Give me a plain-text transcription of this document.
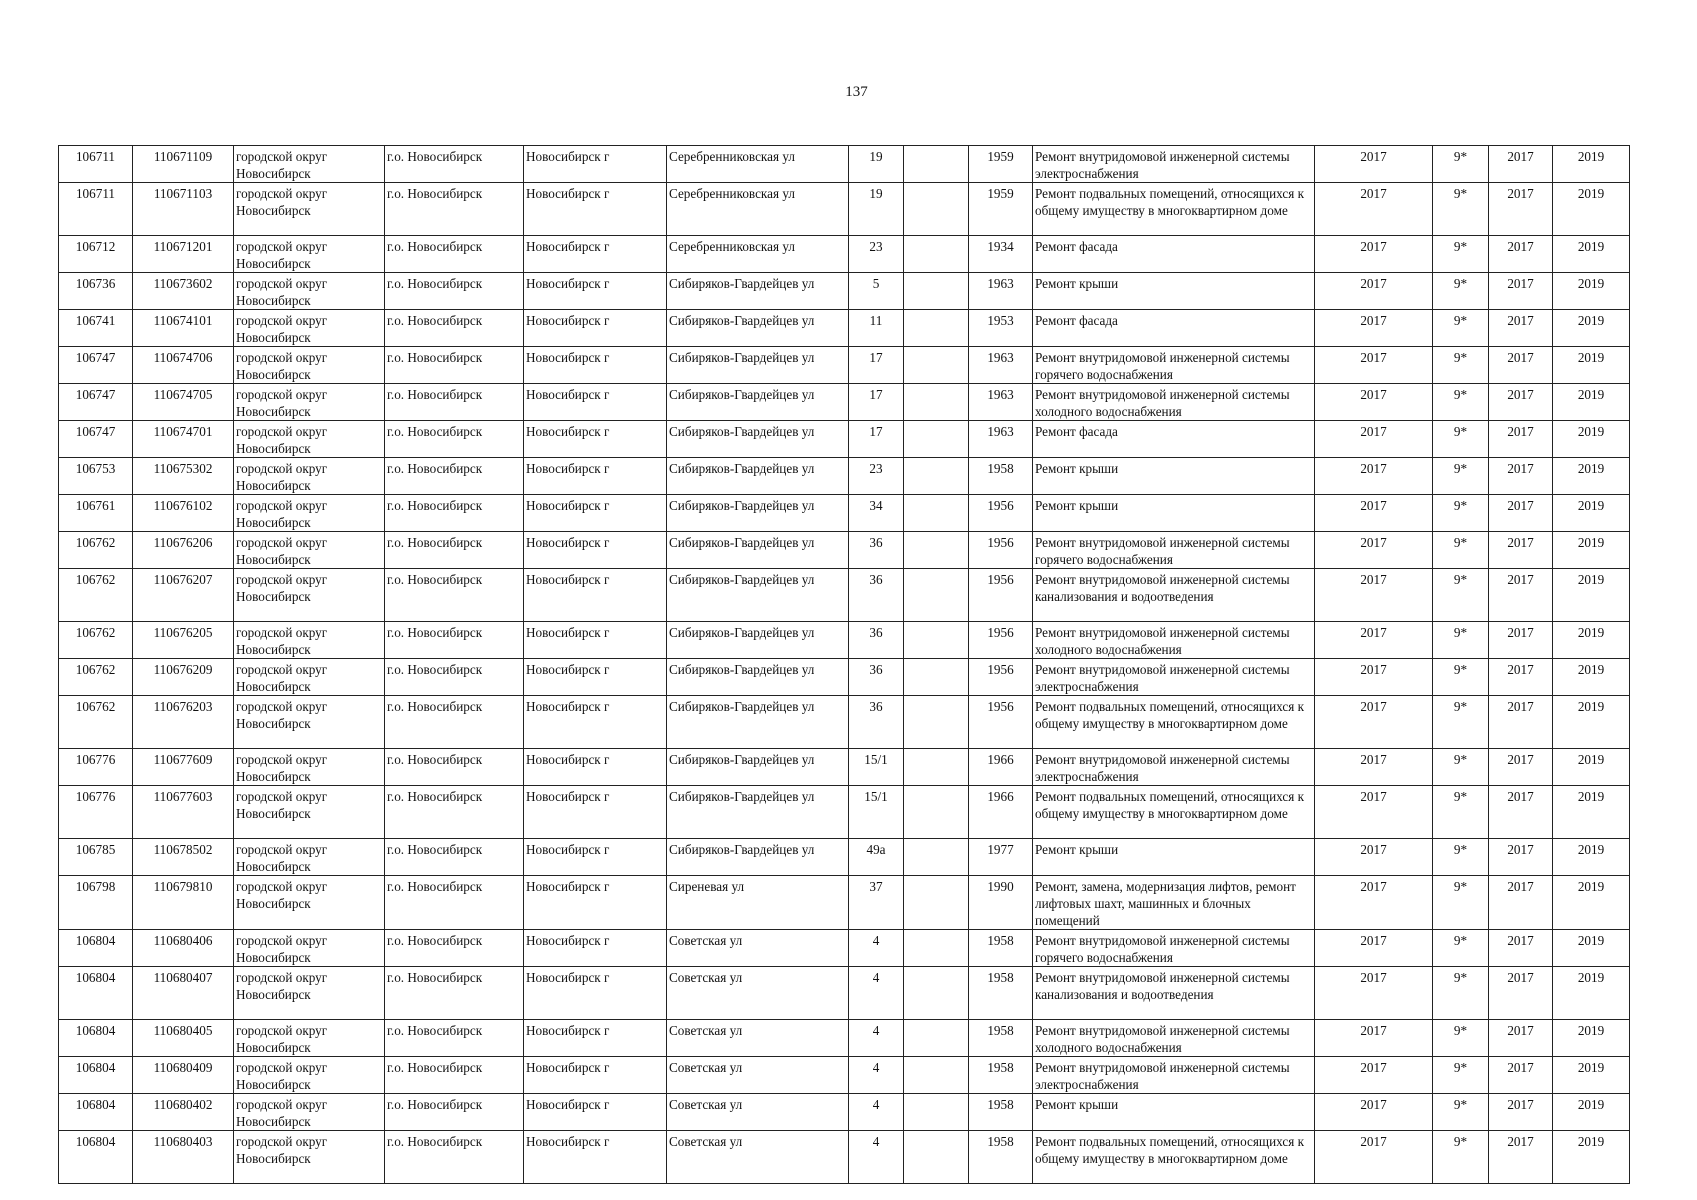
137
106711	110671109	городской округ Новосибирск	г.о. Новосибирск	Новосибирск г	Серебренниковская ул	19		1959	Ремонт внутридомовой инженерной системы электроснабжения	2017	9*	2017	2019
106711	110671103	городской округ Новосибирск	г.о. Новосибирск	Новосибирск г	Серебренниковская ул	19		1959	Ремонт подвальных помещений, относящихся к общему имуществу в многоквартирном доме	2017	9*	2017	2019
106712	110671201	городской округ Новосибирск	г.о. Новосибирск	Новосибирск г	Серебренниковская ул	23		1934	Ремонт фасада	2017	9*	2017	2019
106736	110673602	городской округ Новосибирск	г.о. Новосибирск	Новосибирск г	Сибиряков-Гвардейцев ул	5		1963	Ремонт крыши	2017	9*	2017	2019
106741	110674101	городской округ Новосибирск	г.о. Новосибирск	Новосибирск г	Сибиряков-Гвардейцев ул	11		1953	Ремонт фасада	2017	9*	2017	2019
106747	110674706	городской округ Новосибирск	г.о. Новосибирск	Новосибирск г	Сибиряков-Гвардейцев ул	17		1963	Ремонт внутридомовой инженерной системы горячего водоснабжения	2017	9*	2017	2019
106747	110674705	городской округ Новосибирск	г.о. Новосибирск	Новосибирск г	Сибиряков-Гвардейцев ул	17		1963	Ремонт внутридомовой инженерной системы холодного водоснабжения	2017	9*	2017	2019
106747	110674701	городской округ Новосибирск	г.о. Новосибирск	Новосибирск г	Сибиряков-Гвардейцев ул	17		1963	Ремонт фасада	2017	9*	2017	2019
106753	110675302	городской округ Новосибирск	г.о. Новосибирск	Новосибирск г	Сибиряков-Гвардейцев ул	23		1958	Ремонт крыши	2017	9*	2017	2019
106761	110676102	городской округ Новосибирск	г.о. Новосибирск	Новосибирск г	Сибиряков-Гвардейцев ул	34		1956	Ремонт крыши	2017	9*	2017	2019
106762	110676206	городской округ Новосибирск	г.о. Новосибирск	Новосибирск г	Сибиряков-Гвардейцев ул	36		1956	Ремонт внутридомовой инженерной системы горячего водоснабжения	2017	9*	2017	2019
106762	110676207	городской округ Новосибирск	г.о. Новосибирск	Новосибирск г	Сибиряков-Гвардейцев ул	36		1956	Ремонт внутридомовой инженерной системы канализования и водоотведения	2017	9*	2017	2019
106762	110676205	городской округ Новосибирск	г.о. Новосибирск	Новосибирск г	Сибиряков-Гвардейцев ул	36		1956	Ремонт внутридомовой инженерной системы холодного водоснабжения	2017	9*	2017	2019
106762	110676209	городской округ Новосибирск	г.о. Новосибирск	Новосибирск г	Сибиряков-Гвардейцев ул	36		1956	Ремонт внутридомовой инженерной системы электроснабжения	2017	9*	2017	2019
106762	110676203	городской округ Новосибирск	г.о. Новосибирск	Новосибирск г	Сибиряков-Гвардейцев ул	36		1956	Ремонт подвальных помещений, относящихся к общему имуществу в многоквартирном доме	2017	9*	2017	2019
106776	110677609	городской округ Новосибирск	г.о. Новосибирск	Новосибирск г	Сибиряков-Гвардейцев ул	15/1		1966	Ремонт внутридомовой инженерной системы электроснабжения	2017	9*	2017	2019
106776	110677603	городской округ Новосибирск	г.о. Новосибирск	Новосибирск г	Сибиряков-Гвардейцев ул	15/1		1966	Ремонт подвальных помещений, относящихся к общему имуществу в многоквартирном доме	2017	9*	2017	2019
106785	110678502	городской округ Новосибирск	г.о. Новосибирск	Новосибирск г	Сибиряков-Гвардейцев ул	49а		1977	Ремонт крыши	2017	9*	2017	2019
106798	110679810	городской округ Новосибирск	г.о. Новосибирск	Новосибирск г	Сиреневая ул	37		1990	Ремонт, замена, модернизация лифтов, ремонт лифтовых шахт, машинных и блочных помещений	2017	9*	2017	2019
106804	110680406	городской округ Новосибирск	г.о. Новосибирск	Новосибирск г	Советская ул	4		1958	Ремонт внутридомовой инженерной системы горячего водоснабжения	2017	9*	2017	2019
106804	110680407	городской округ Новосибирск	г.о. Новосибирск	Новосибирск г	Советская ул	4		1958	Ремонт внутридомовой инженерной системы канализования и водоотведения	2017	9*	2017	2019
106804	110680405	городской округ Новосибирск	г.о. Новосибирск	Новосибирск г	Советская ул	4		1958	Ремонт внутридомовой инженерной системы холодного водоснабжения	2017	9*	2017	2019
106804	110680409	городской округ Новосибирск	г.о. Новосибирск	Новосибирск г	Советская ул	4		1958	Ремонт внутридомовой инженерной системы электроснабжения	2017	9*	2017	2019
106804	110680402	городской округ Новосибирск	г.о. Новосибирск	Новосибирск г	Советская ул	4		1958	Ремонт крыши	2017	9*	2017	2019
106804	110680403	городской округ Новосибирск	г.о. Новосибирск	Новосибирск г	Советская ул	4		1958	Ремонт подвальных помещений, относящихся к общему имуществу в многоквартирном доме	2017	9*	2017	2019
